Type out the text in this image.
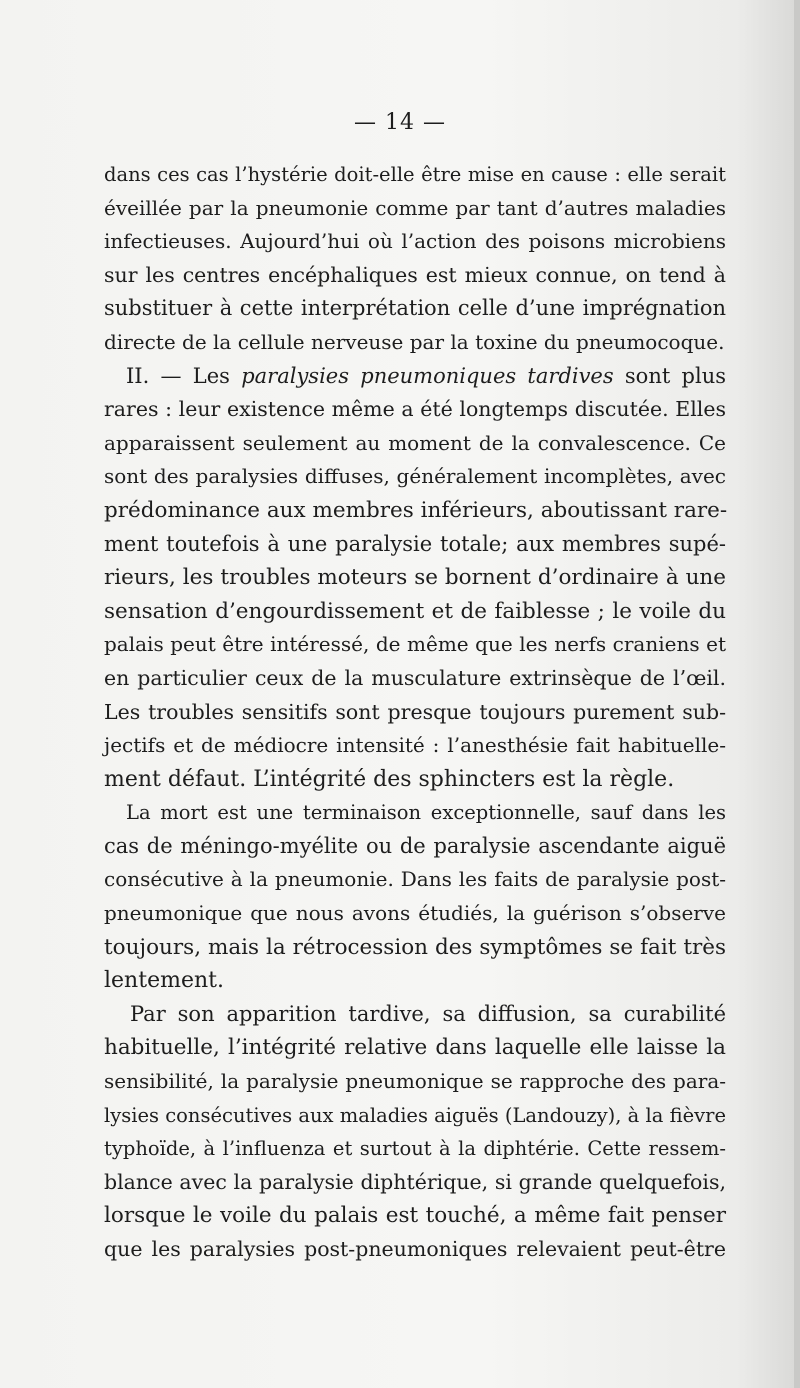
— 14 —
dans ces cas l’hystérie doit-elle être mise en cause : elle serait
éveillée par la pneumonie comme par tant d’autres maladies
infectieuses. Aujourd’hui où l’action des poisons microbiens
sur les centres encéphaliques est mieux connue, on tend à
substituer à cette interprétation celle d’une imprégnation
directe de la cellule nerveuse par la toxine du pneumocoque.
II. — Les paralysies pneumoniques tardives sont plus
rares : leur existence même a été longtemps discutée. Elles
apparaissent seulement au moment de la convalescence. Ce
sont des paralysies diffuses, généralement incomplètes, avec
prédominance aux membres inférieurs, aboutissant rare-
ment toutefois à une paralysie totale; aux membres supé-
rieurs, les troubles moteurs se bornent d’ordinaire à une
sensation d’engourdissement et de faiblesse ; le voile du
palais peut être intéressé, de même que les nerfs craniens et
en particulier ceux de la musculature extrinsèque de l’œil.
Les troubles sensitifs sont presque toujours purement sub-
jectifs et de médiocre intensité : l’anesthésie fait habituelle-
ment défaut. L’intégrité des sphincters est la règle.
La mort est une terminaison exceptionnelle, sauf dans les
cas de méningo-myélite ou de paralysie ascendante aiguë
consécutive à la pneumonie. Dans les faits de paralysie post-
pneumonique que nous avons étudiés, la guérison s’observe
toujours, mais la rétrocession des symptômes se fait très
lentement.
Par son apparition tardive, sa diffusion, sa curabilité
habituelle, l’intégrité relative dans laquelle elle laisse la
sensibilité, la paralysie pneumonique se rapproche des para-
lysies consécutives aux maladies aiguës (Landouzy), à la fièvre
typhoïde, à l’influenza et surtout à la diphtérie. Cette ressem-
blance avec la paralysie diphtérique, si grande quelquefois,
lorsque le voile du palais est touché, a même fait penser
que les paralysies post-pneumoniques relevaient peut-être
